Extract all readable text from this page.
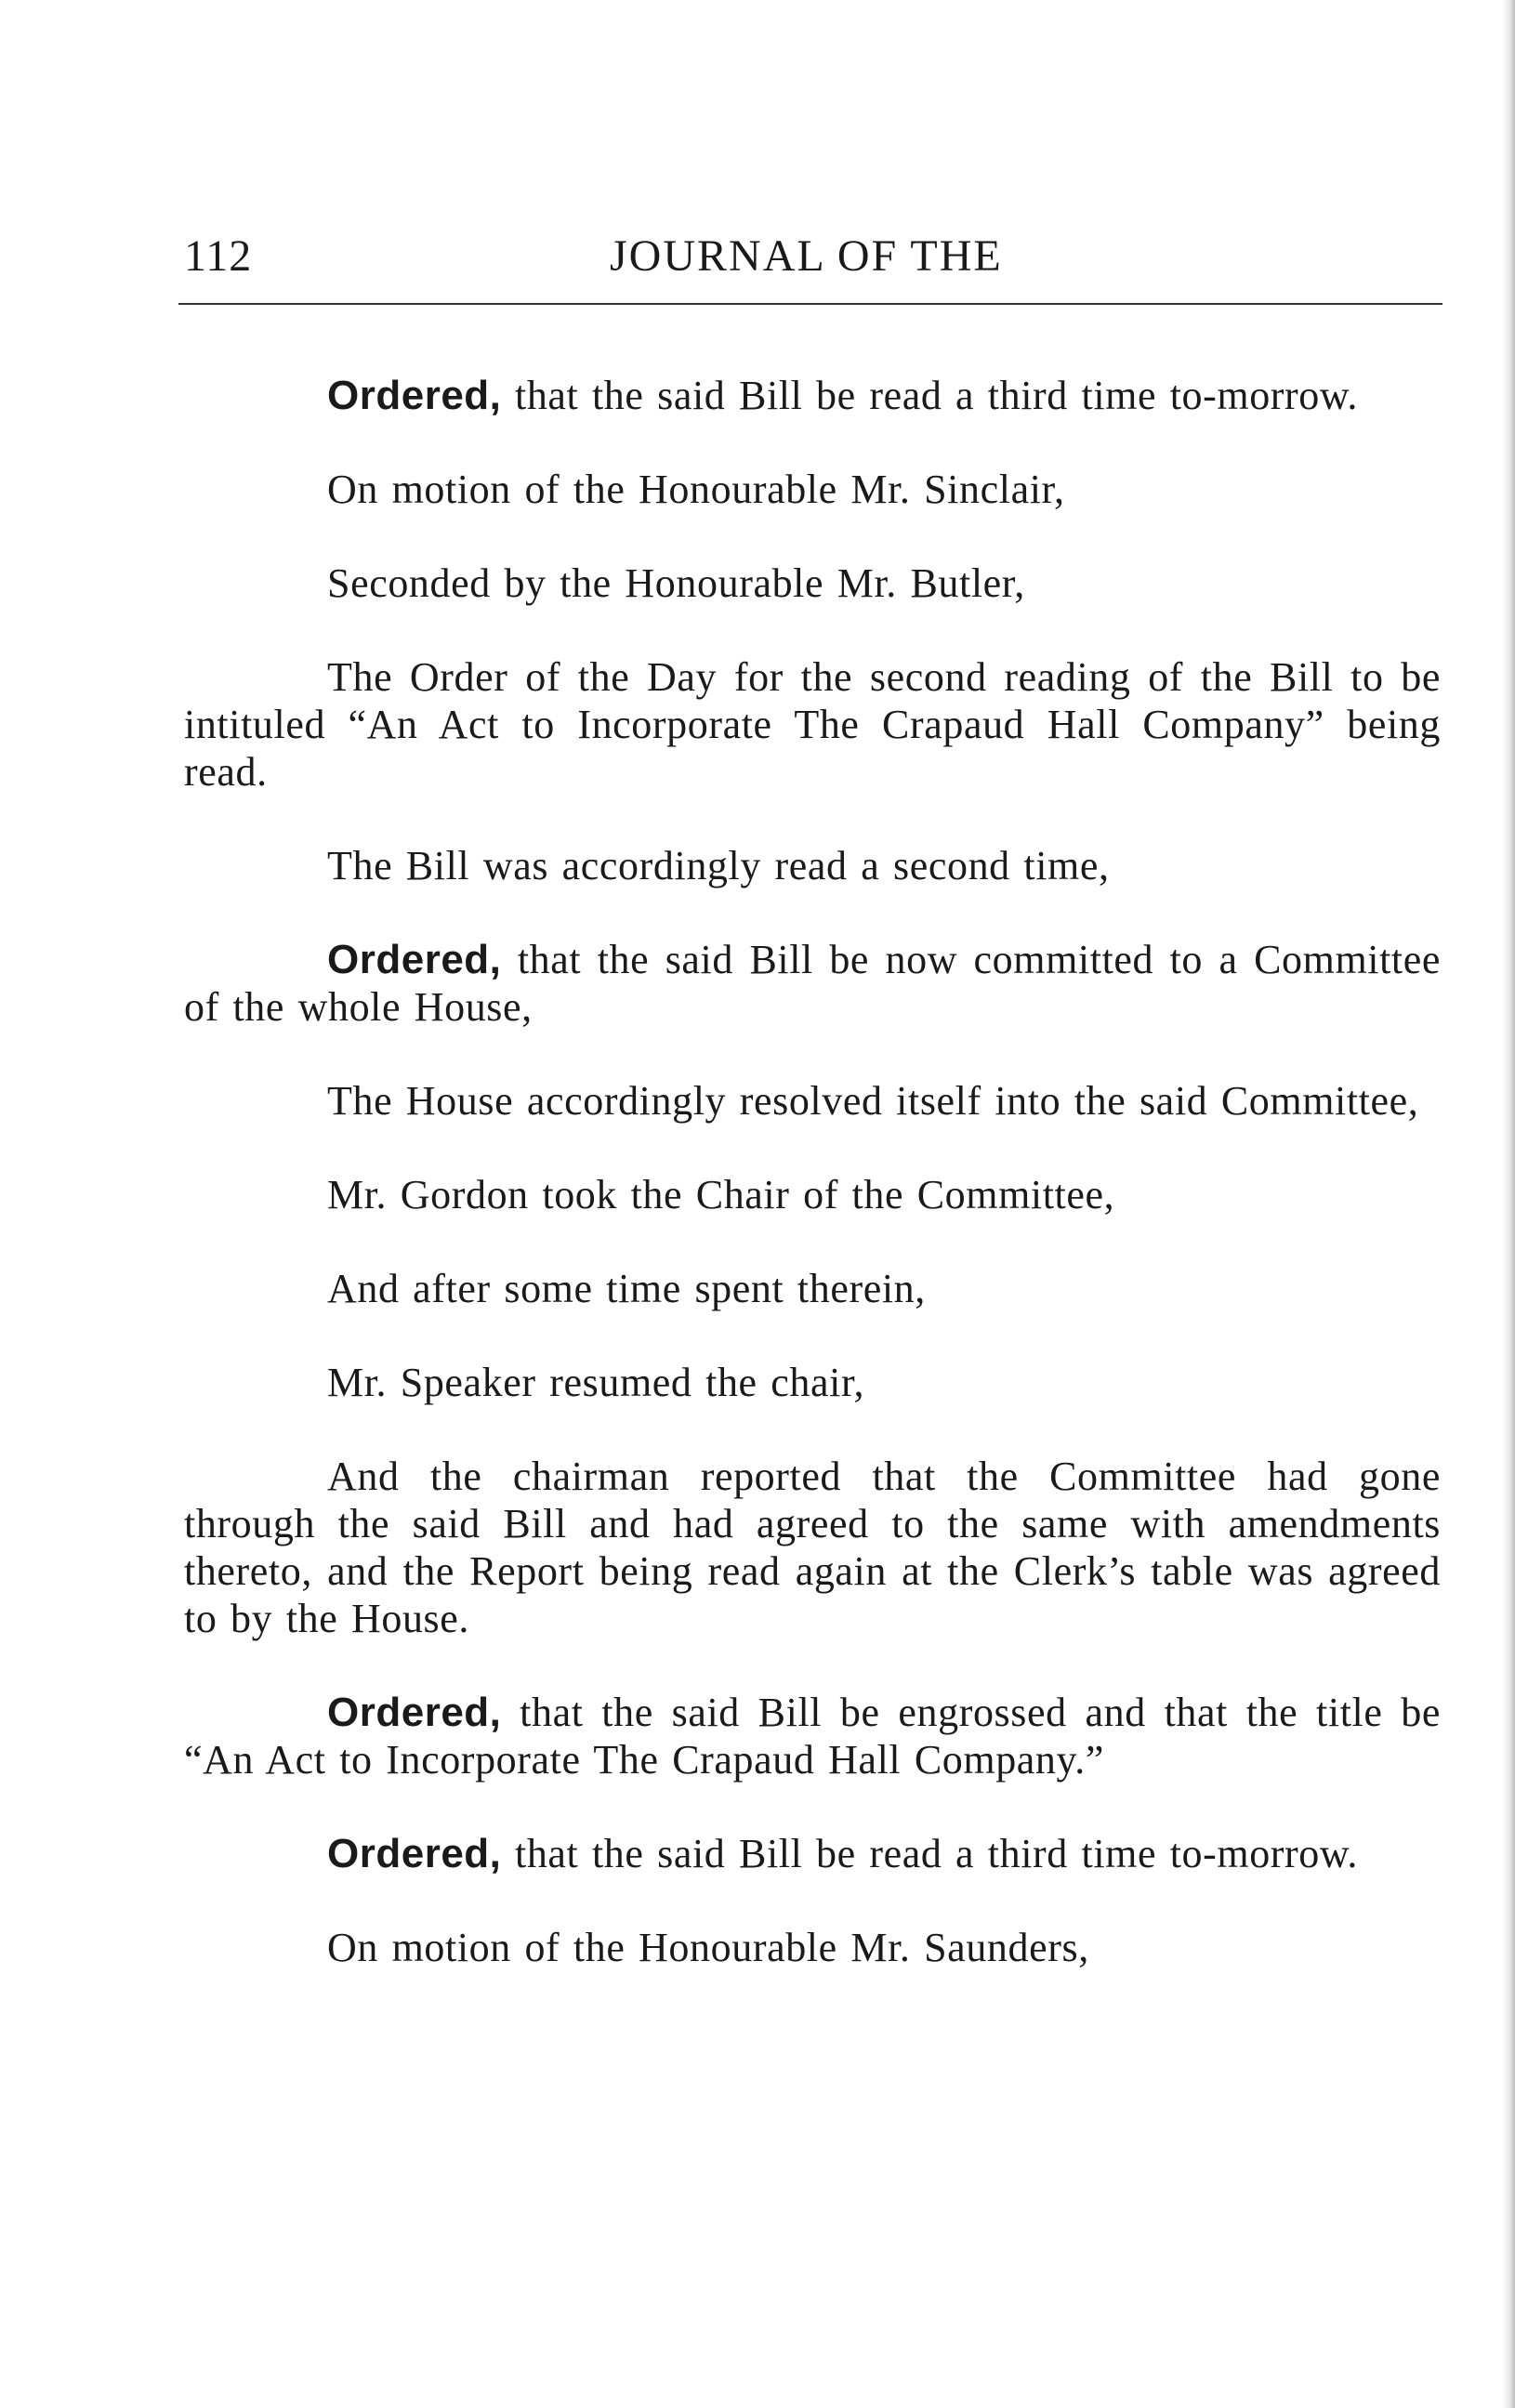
112	JOURNAL OF THE

Ordered, that the said Bill be read a third time to-morrow.

On motion of the Honourable Mr. Sinclair,

Seconded by the Honourable Mr. Butler,

The Order of the Day for the second reading of the Bill to be intituled “An Act to Incorporate The Crapaud Hall Company” being read.

The Bill was accordingly read a second time,

Ordered, that the said Bill be now committed to a Committee of the whole House,

The House accordingly resolved itself into the said Committee,

Mr. Gordon took the Chair of the Committee,

And after some time spent therein,

Mr. Speaker resumed the chair,

And the chairman reported that the Committee had gone through the said Bill and had agreed to the same with amendments thereto, and the Report being read again at the Clerk’s table was agreed to by the House.

Ordered, that the said Bill be engrossed and that the title be “An Act to Incorporate The Crapaud Hall Company.”

Ordered, that the said Bill be read a third time to-morrow.

On motion of the Honourable Mr. Saunders,
